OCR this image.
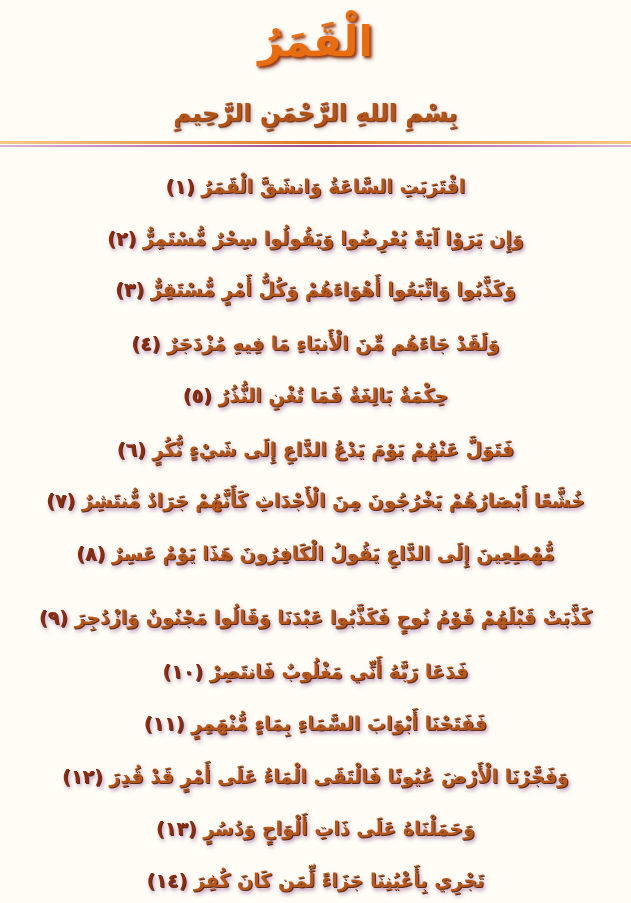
الْقَمَرُ
بِسْمِ اللهِ الرَّحْمَنِ الرَّحِيمِ
اقْتَرَبَتِ السَّاعَةُ وَانشَقَّ الْقَمَرُ (١)
وَإِن يَرَوْا آيَةً يُعْرِضُوا وَيَقُولُوا سِحْرٌ مُّسْتَمِرٌّ (٢)
وَكَذَّبُوا وَاتَّبَعُوا أَهْوَاءَهُمْ وَكُلُّ أَمْرٍ مُّسْتَقِرٌّ (٣)
وَلَقَدْ جَاءَهُم مِّنَ الْأَنبَاءِ مَا فِيهِ مُزْدَجَرٌ (٤)
حِكْمَةٌ بَالِغَةٌ فَمَا تُغْنِ النُّذُرُ (٥)
فَتَوَلَّ عَنْهُمْ يَوْمَ يَدْعُ الدَّاعِ إِلَى شَيْءٍ نُّكُرٍ (٦)
خُشَّعًا أَبْصَارُهُمْ يَخْرُجُونَ مِنَ الْأَجْدَاثِ كَأَنَّهُمْ جَرَادٌ مُّنتَشِرٌ (٧)
مُّهْطِعِينَ إِلَى الدَّاعِ يَقُولُ الْكَافِرُونَ هَذَا يَوْمٌ عَسِرٌ (٨)
كَذَّبَتْ قَبْلَهُمْ قَوْمُ نُوحٍ فَكَذَّبُوا عَبْدَنَا وَقَالُوا مَجْنُونٌ وَازْدُجِرَ (٩)
فَدَعَا رَبَّهُ أَنِّي مَغْلُوبٌ فَانتَصِرْ (١٠)
فَفَتَحْنَا أَبْوَابَ السَّمَاءِ بِمَاءٍ مُّنْهَمِرٍ (١١)
وَفَجَّرْنَا الْأَرْضَ عُيُونًا فَالْتَقَى الْمَاءُ عَلَى أَمْرٍ قَدْ قُدِرَ (١٢)
وَحَمَلْنَاهُ عَلَى ذَاتِ أَلْوَاحٍ وَدُسُرٍ (١٣)
تَجْرِي بِأَعْيُنِنَا جَزَاءً لِّمَن كَانَ كُفِرَ (١٤)
